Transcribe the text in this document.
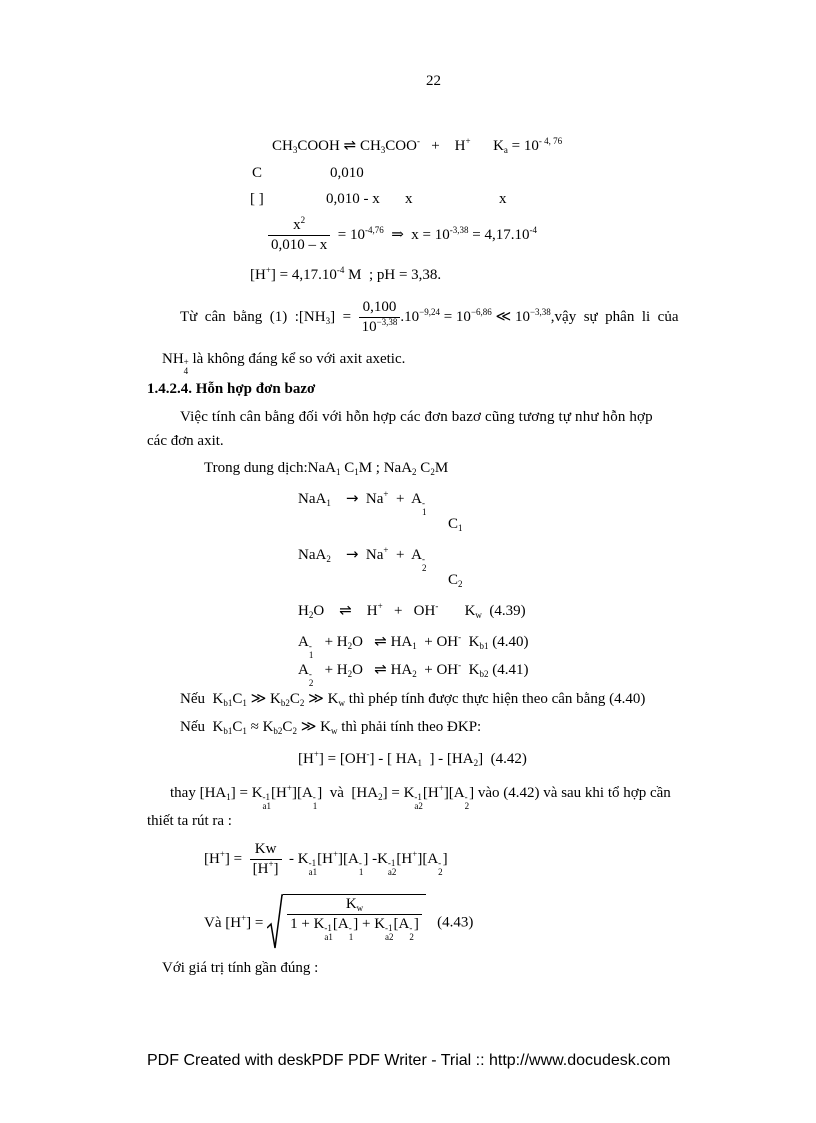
22
$CH_3COOH$ ⇌ $CH_3COO^-$   +    H+      $K_a = 10^{- 4, 76}$
C	0,010
[ ]	0,010 - x x	x
$\frac{x^2}{0,010 - x} = 10^{-4,76}$  ⇒  $x = 10^{-3,38} = 4,17.10^{-4}$
$[H^+] = 4,17.10^{-4}$ M  ; pH = 3,38.
Từ  cân  bằng  (1)  $:[NH_3] = \frac{0,100}{10^{-3,38}} .10^{-9,24} = 10^{-6,86}$ ≪ $10^{-3,38},vậy$  sự  phân  li  của
NH +
4
là không đáng kể so với axit axetic.
1.4.2.4. Hỗn hợp đơn bazơ
Việc tính cân bằng đối với hỗn hợp các đơn bazơ cũng tương tự như hỗn hợp
các đơn axit.
Trong dung dịch:NaA$_1$ $C_1M$ ; NaA$_2$ $C_2M$
NaA$_1$ →  Na+  +  A -
1
$C_1$
NaA$_2$ →  Na+  +  A -
2
$C_2$
$H_2O$    ⇌    H+   +   OH-       $K_w$  (4.39)
A -
1
+ $H_2O$   ⇌ $HA_1 + OH^-$  $K_{b1}$ (4.40)
A -
2
+ $H_2O$   ⇌ $HA_2 + OH^-$  $K_{b2}$ (4.41)
Nếu  $K_{b1}C_1$ ≫ $K_{b2}C_2$ ≫ $K_w$ thì phép tính được thực hiện theo cân bằng (4.40)
Nếu  $K_{b1}C_1 \approx K_{b2}C_2$ ≫ $K_w$ thì phải tính theo ĐKP:
[H+] = [OH-] - [ $HA_1$  ] - $[HA_2]$  (4.42)
thay $[HA_1] = K$ -1
a1
[H+][A -
1
]  và  $[HA_2] = K$ -1
a2
[H+][A -
2
] vào (4.42) và sau khi tổ hợp cần
thiết ta rút ra :
$[H^+] = \frac{Kw}{[H^+]} - K$ -1
a1
[H+][A -
1
] -K -1
a2
[H+][A -
2
]
Và $[H^+] = K_w$
1 + K -1
a1
[A -
1
] + K -1
a2
[A -
2
] (4.43)
Với giá trị tính gần đúng :
PDF Created with deskPDF PDF Writer - Trial :: http://www.docudesk.com
